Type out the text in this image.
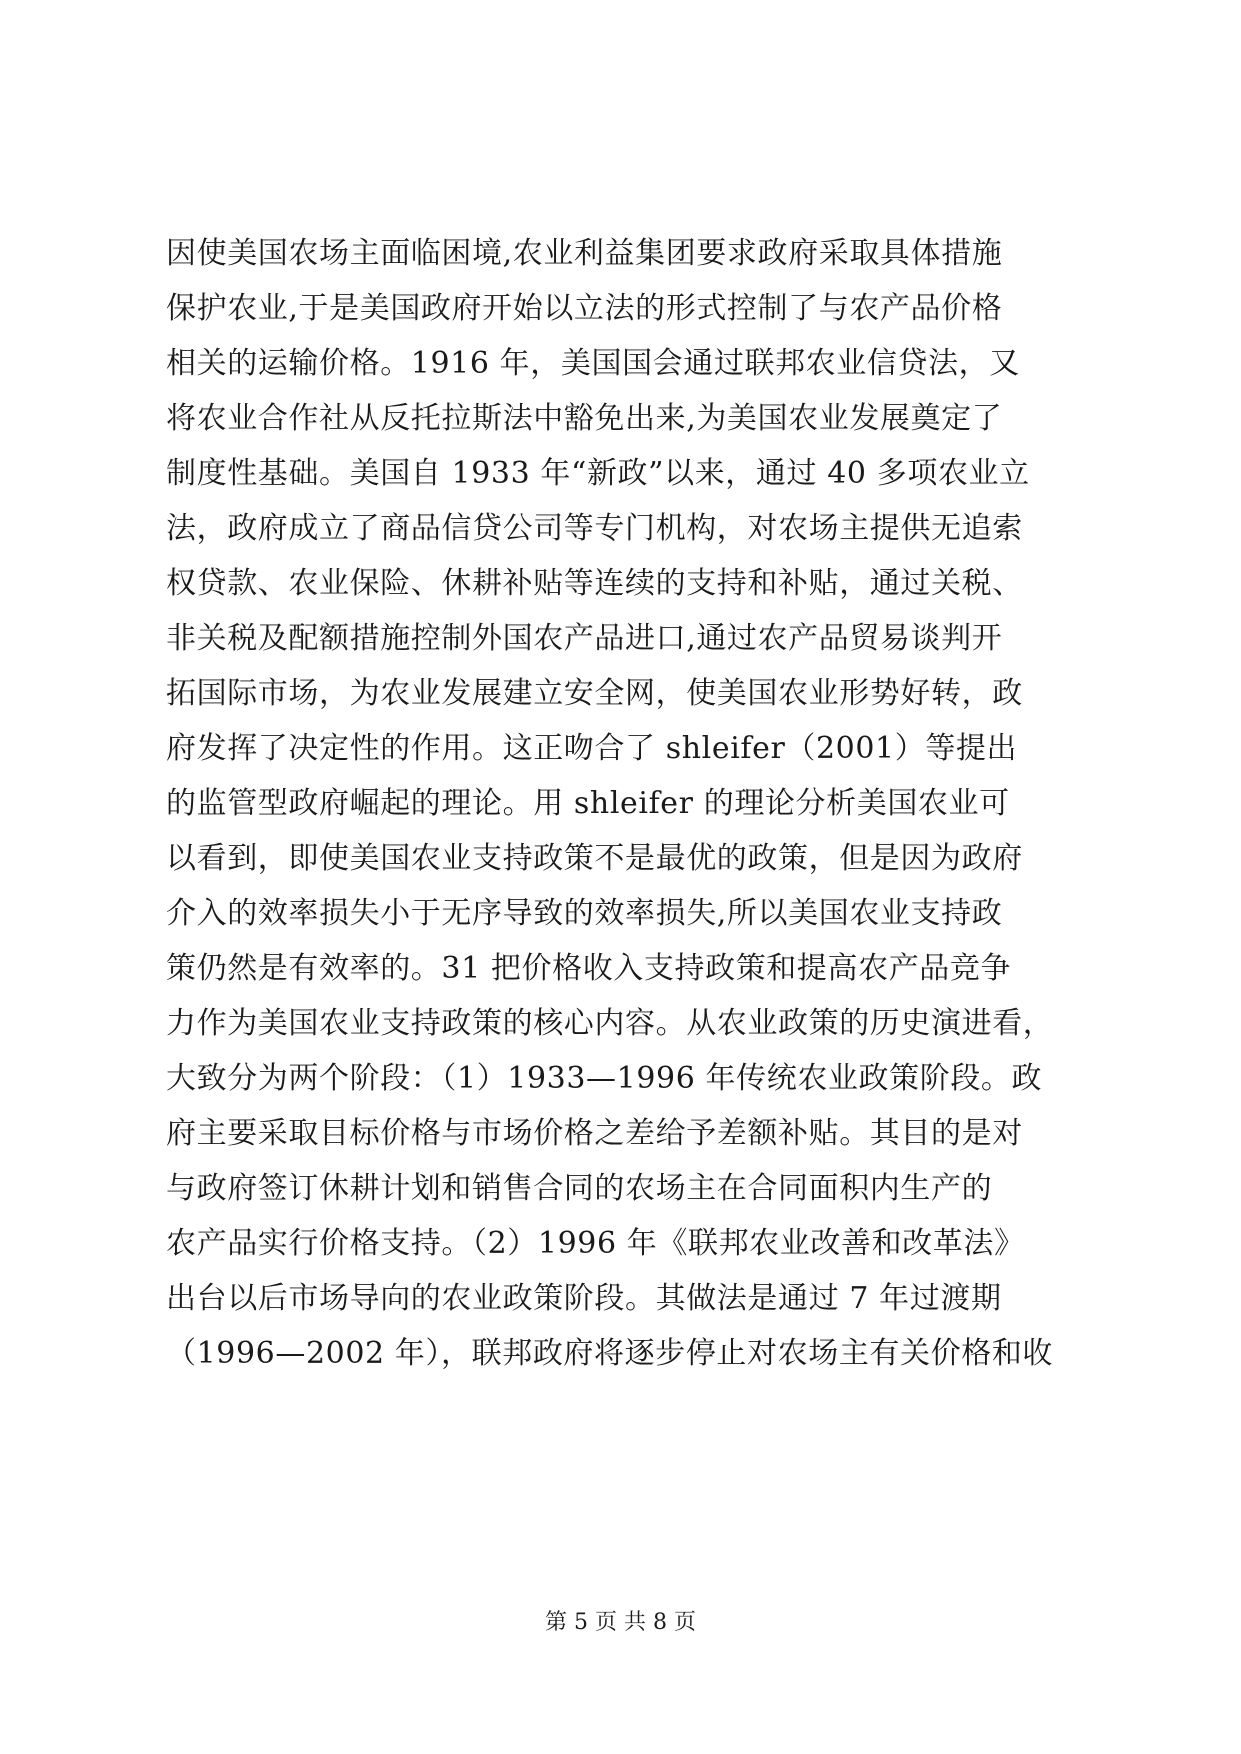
因使美国农场主面临困境,农业利益集团要求政府采取具体措施
保护农业,于是美国政府开始以立法的形式控制了与农产品价格
相关的运输价格。1916 年，美国国会通过联邦农业信贷法，又
将农业合作社从反托拉斯法中豁免出来,为美国农业发展奠定了
制度性基础。美国自 1933 年“新政”以来，通过 40 多项农业立
法，政府成立了商品信贷公司等专门机构，对农场主提供无追索
权贷款、农业保险、休耕补贴等连续的支持和补贴，通过关税、
非关税及配额措施控制外国农产品进口,通过农产品贸易谈判开
拓国际市场，为农业发展建立安全网，使美国农业形势好转，政
府发挥了决定性的作用。这正吻合了 shleifer（2001）等提出
的监管型政府崛起的理论。用 shleifer 的理论分析美国农业可
以看到，即使美国农业支持政策不是最优的政策，但是因为政府
介入的效率损失小于无序导致的效率损失,所以美国农业支持政
策仍然是有效率的。31 把价格收入支持政策和提高农产品竞争
力作为美国农业支持政策的核心内容。从农业政策的历史演进看，
大致分为两个阶段：（1）1933—1996 年传统农业政策阶段。政
府主要采取目标价格与市场价格之差给予差额补贴。其目的是对
与政府签订休耕计划和销售合同的农场主在合同面积内生产的
农产品实行价格支持。（2）1996 年《联邦农业改善和改革法》
出台以后市场导向的农业政策阶段。其做法是通过 7 年过渡期
（1996—2002 年），联邦政府将逐步停止对农场主有关价格和收
第 5 页 共 8 页
